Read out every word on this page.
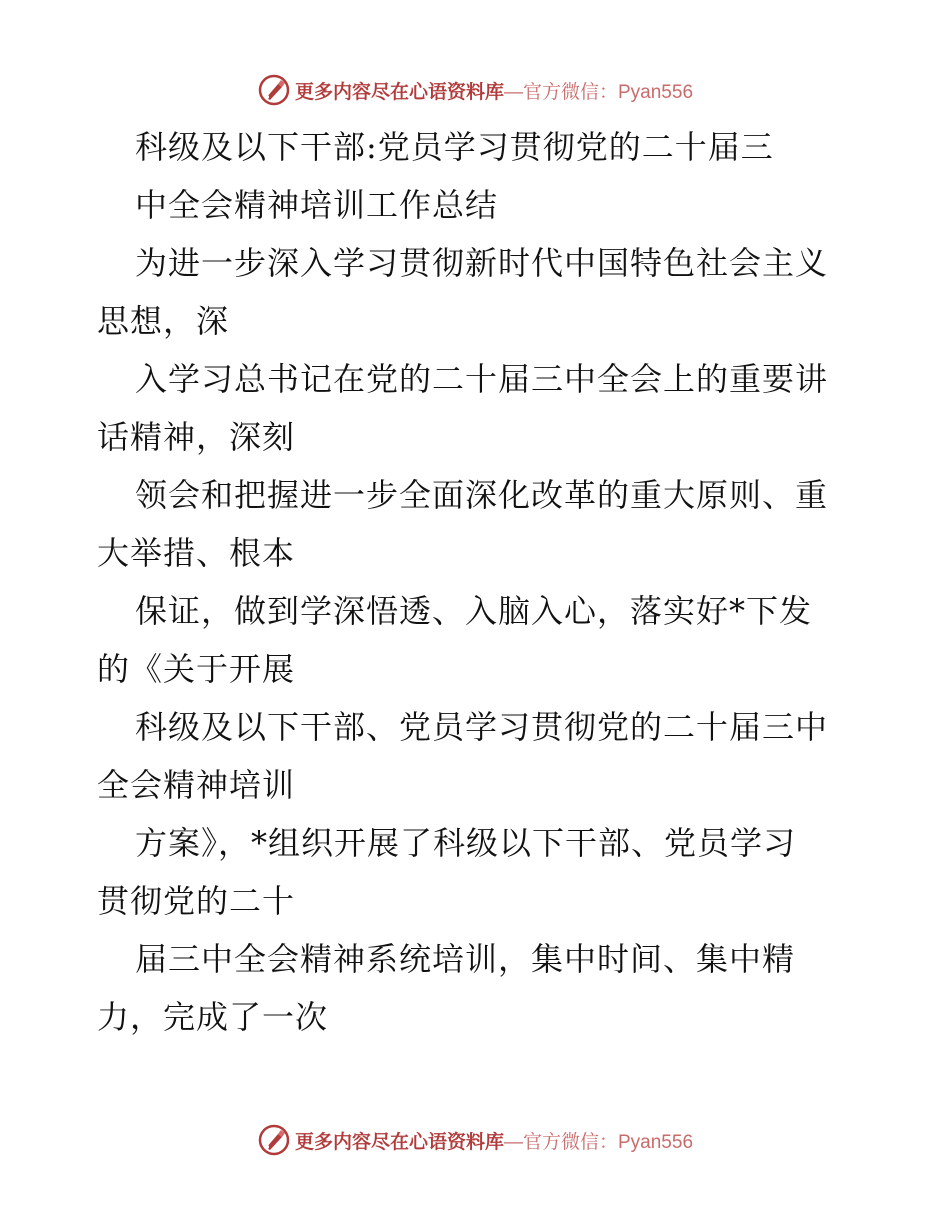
更多内容尽在心语资料库 —官方微信：Pyan556
科级及以下干部:党员学习贯彻党的二十届三
中全会精神培训工作总结
为进一步深入学习贯彻新时代中国特色社会主义
思想，深
入学习总书记在党的二十届三中全会上的重要讲
话精神，深刻
领会和把握进一步全面深化改革的重大原则、重
大举措、根本
保证，做到学深悟透、入脑入心，落实好*下发
的《关于开展
科级及以下干部、党员学习贯彻党的二十届三中
全会精神培训
方案》，*组织开展了科级以下干部、党员学习
贯彻党的二十
届三中全会精神系统培训，集中时间、集中精
力，完成了一次
更多内容尽在心语资料库 —官方微信：Pyan556
